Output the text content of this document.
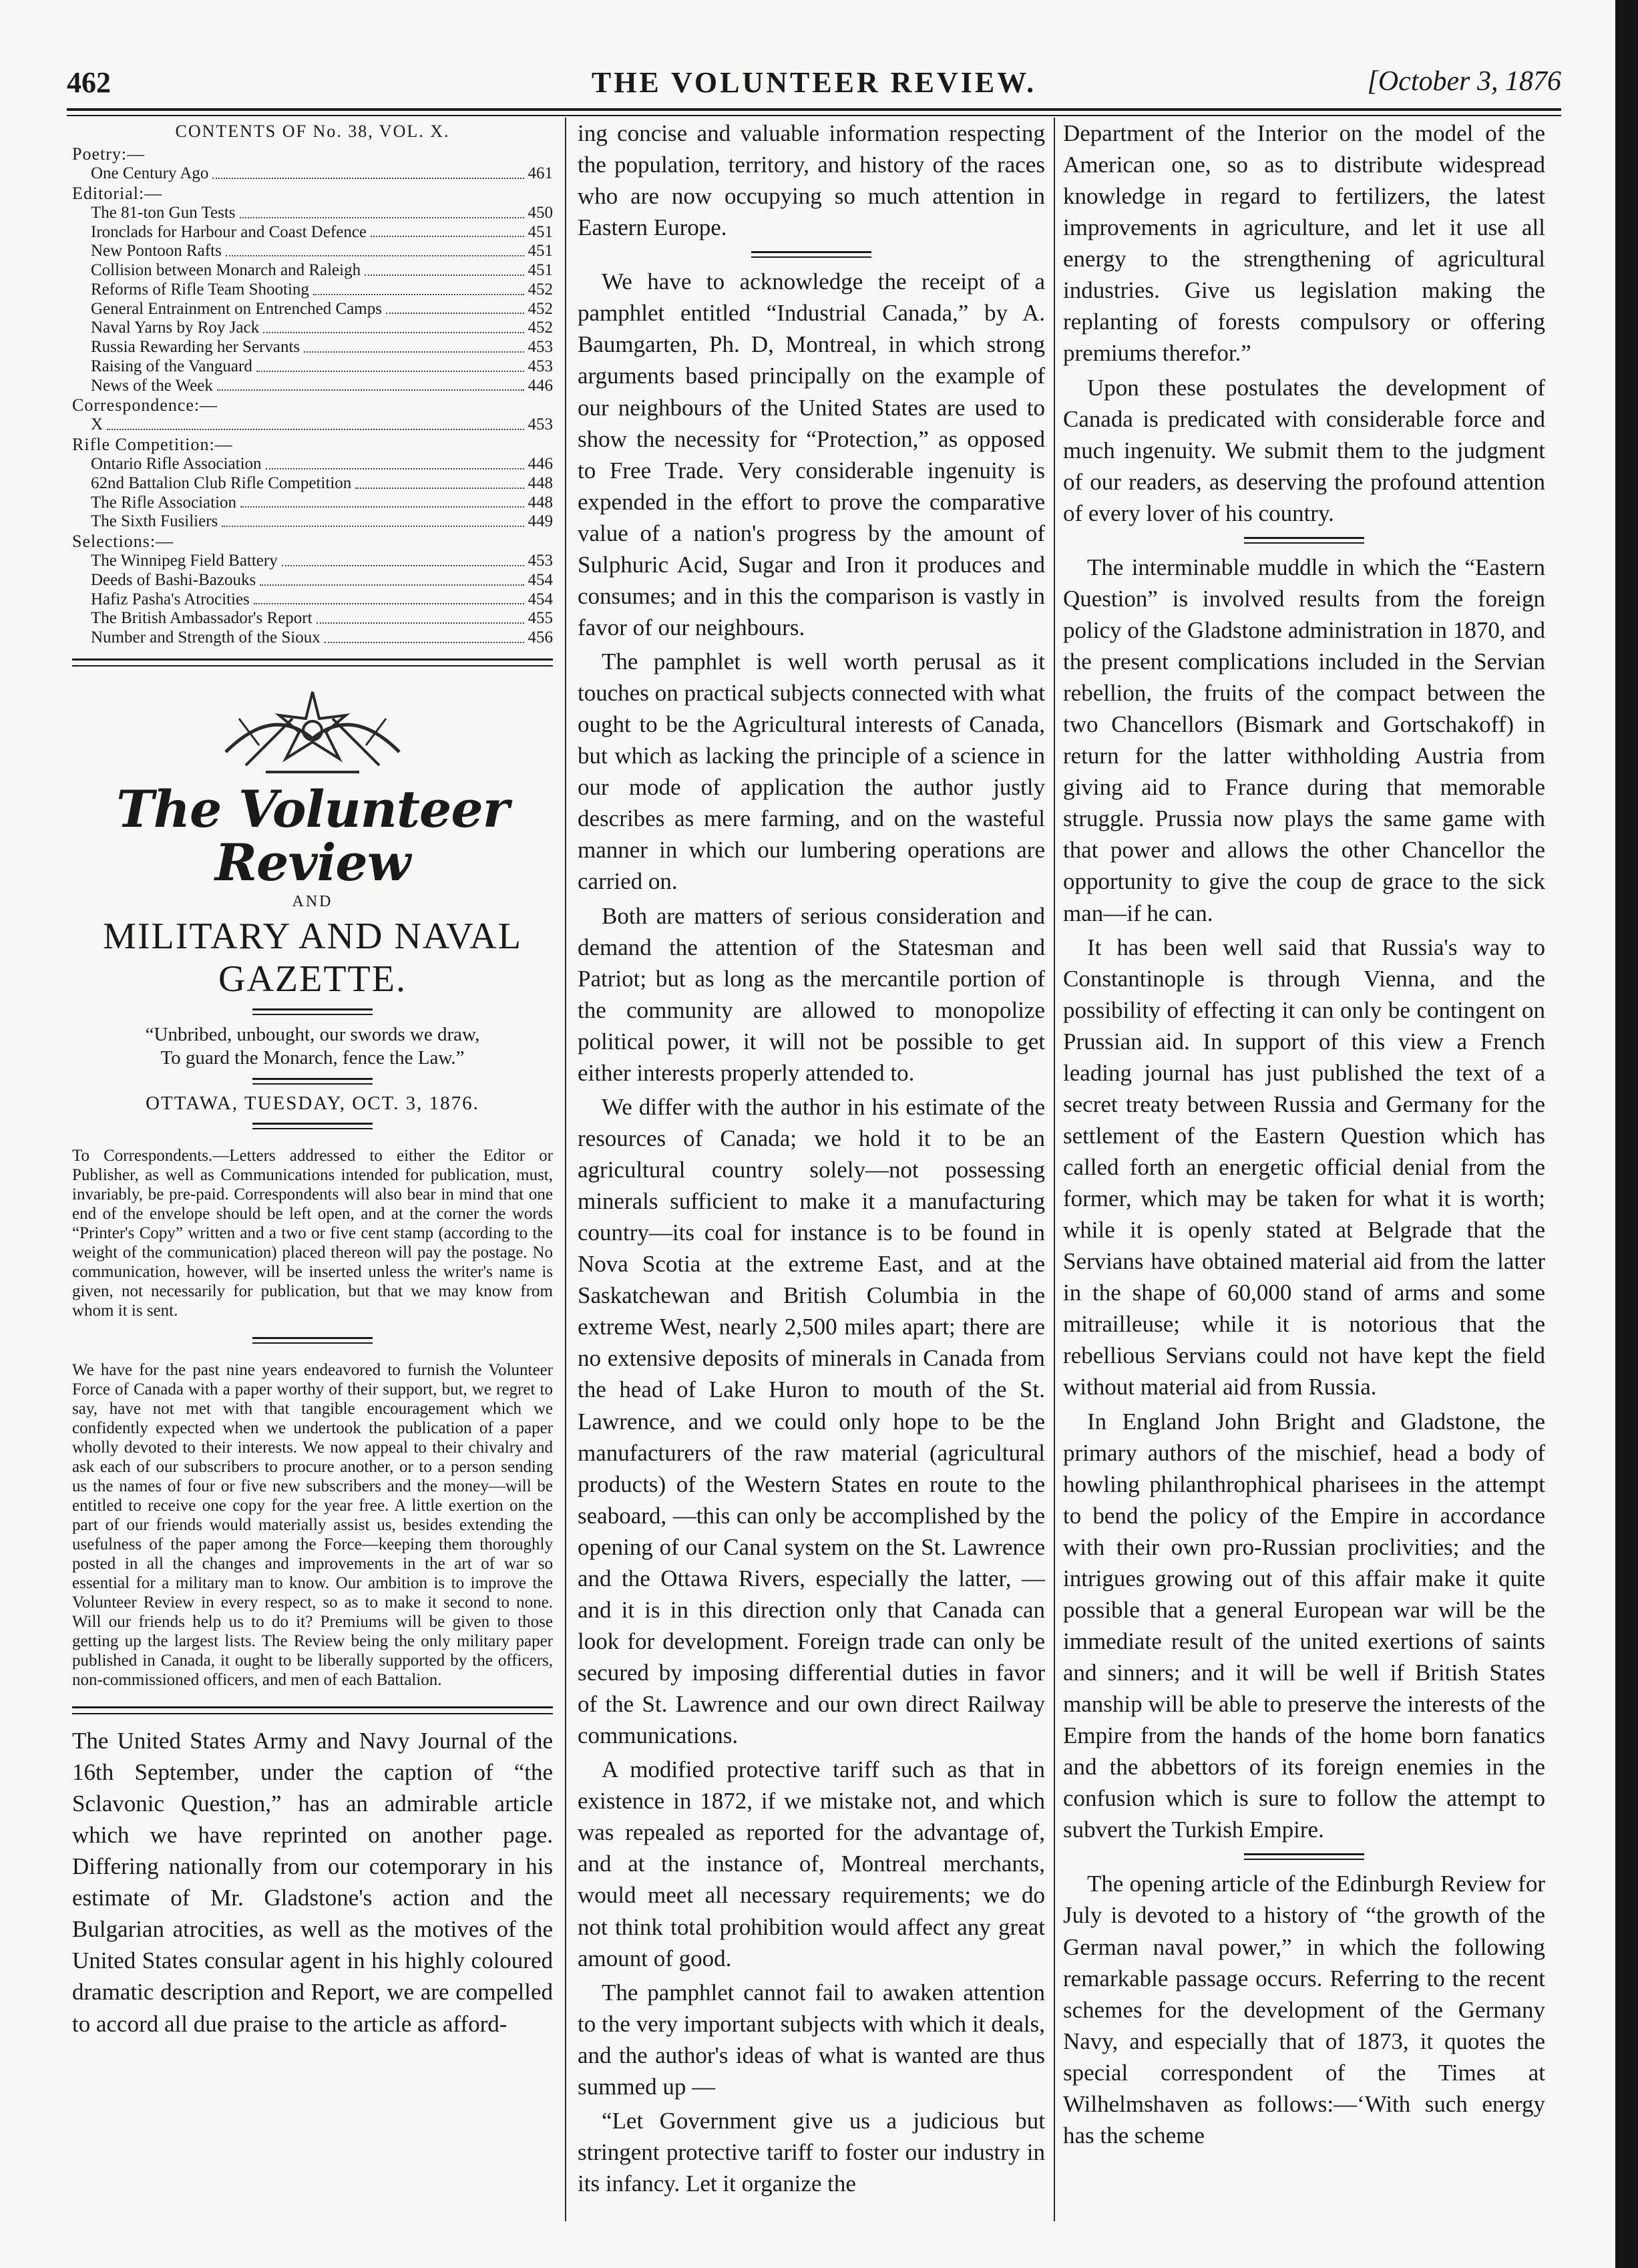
462	THE VOLUNTEER REVIEW.	[October 3, 1876
CONTENTS OF No. 38, VOL. X.
Poetry:—
One Century Ago	461
Editorial:—
The 81-ton Gun Tests	450
Ironclads for Harbour and Coast Defence	451
New Pontoon Rafts	451
Collision between Monarch and Raleigh	451
Reforms of Rifle Team Shooting	452
General Entrainment on Entrenched Camps	452
Naval Yarns by Roy Jack	452
Russia Rewarding her Servants	453
Raising of the Vanguard	453
News of the Week	446
Correspondence:—
X	453
Rifle Competition:—
Ontario Rifle Association	446
62nd Battalion Club Rifle Competition	448
The Rifle Association	448
The Sixth Fusiliers	449
Selections:—
The Winnipeg Field Battery	453
Deeds of Bashi-Bazouks	454
Hafiz Pasha's Atrocities	454
The British Ambassador's Report	455
Number and Strength of the Sioux	456
The Volunteer Review
AND
MILITARY AND NAVAL GAZETTE.
“Unbribed, unbought, our swords we draw,
To guard the Monarch, fence the Law.”
OTTAWA, TUESDAY, OCT. 3, 1876.

To Correspondents.—Letters addressed to either the Editor or Publisher, as well as Communications intended for publication, must, invariably, be pre-paid. Correspondents will also bear in mind that one end of the envelope should be left open, and at the corner the words “Printer's Copy” written and a two or five cent stamp (according to the weight of the communication) placed thereon will pay the postage. No communication, however, will be inserted unless the writer's name is given, not necessarily for publication, but that we may know from whom it is sent.

We have for the past nine years endeavored to furnish the Volunteer Force of Canada with a paper worthy of their support, but, we regret to say, have not met with that tangible encouragement which we confidently expected when we undertook the publication of a paper wholly devoted to their interests. We now appeal to their chivalry and ask each of our subscribers to procure another, or to a person sending us the names of four or five new subscribers and the money—will be entitled to receive one copy for the year free. A little exertion on the part of our friends would materially assist us, besides extending the usefulness of the paper among the Force—keeping them thoroughly posted in all the changes and improvements in the art of war so essential for a military man to know. Our ambition is to improve the Volunteer Review in every respect, so as to make it second to none. Will our friends help us to do it? Premiums will be given to those getting up the largest lists. The Review being the only military paper published in Canada, it ought to be liberally supported by the officers, non-commissioned officers, and men of each Battalion.

The United States Army and Navy Journal of the 16th September, under the caption of “the Sclavonic Question,” has an admirable article which we have reprinted on another page. Differing nationally from our cotemporary in his estimate of Mr. Gladstone's action and the Bulgarian atrocities, as well as the motives of the United States consular agent in his highly coloured dramatic description and Report, we are compelled to accord all due praise to the article as afford-

ing concise and valuable information respecting the population, territory, and history of the races who are now occupying so much attention in Eastern Europe.

We have to acknowledge the receipt of a pamphlet entitled “Industrial Canada,” by A. Baumgarten, Ph. D, Montreal, in which strong arguments based principally on the example of our neighbours of the United States are used to show the necessity for “Protection,” as opposed to Free Trade. Very considerable ingenuity is expended in the effort to prove the comparative value of a nation's progress by the amount of Sulphuric Acid, Sugar and Iron it produces and consumes; and in this the comparison is vastly in favor of our neighbours.

The pamphlet is well worth perusal as it touches on practical subjects connected with what ought to be the Agricultural interests of Canada, but which as lacking the principle of a science in our mode of application the author justly describes as mere farming, and on the wasteful manner in which our lumbering operations are carried on.

Both are matters of serious consideration and demand the attention of the Statesman and Patriot; but as long as the mercantile portion of the community are allowed to monopolize political power, it will not be possible to get either interests properly attended to.

We differ with the author in his estimate of the resources of Canada; we hold it to be an agricultural country solely—not possessing minerals sufficient to make it a manufacturing country—its coal for instance is to be found in Nova Scotia at the extreme East, and at the Saskatchewan and British Columbia in the extreme West, nearly 2,500 miles apart; there are no extensive deposits of minerals in Canada from the head of Lake Huron to mouth of the St. Lawrence, and we could only hope to be the manufacturers of the raw material (agricultural products) of the Western States en route to the seaboard, —this can only be accomplished by the opening of our Canal system on the St. Lawrence and the Ottawa Rivers, especially the latter, —and it is in this direction only that Canada can look for development. Foreign trade can only be secured by imposing differential duties in favor of the St. Lawrence and our own direct Railway communications.

A modified protective tariff such as that in existence in 1872, if we mistake not, and which was repealed as reported for the advantage of, and at the instance of, Montreal merchants, would meet all necessary requirements; we do not think total prohibition would affect any great amount of good.

The pamphlet cannot fail to awaken attention to the very important subjects with which it deals, and the author's ideas of what is wanted are thus summed up —

“Let Government give us a judicious but stringent protective tariff to foster our industry in its infancy. Let it organize the

Department of the Interior on the model of the American one, so as to distribute widespread knowledge in regard to fertilizers, the latest improvements in agriculture, and let it use all energy to the strengthening of agricultural industries. Give us legislation making the replanting of forests compulsory or offering premiums therefor.”

Upon these postulates the development of Canada is predicated with considerable force and much ingenuity. We submit them to the judgment of our readers, as deserving the profound attention of every lover of his country.

The interminable muddle in which the “Eastern Question” is involved results from the foreign policy of the Gladstone administration in 1870, and the present complications included in the Servian rebellion, the fruits of the compact between the two Chancellors (Bismark and Gortschakoff) in return for the latter withholding Austria from giving aid to France during that memorable struggle. Prussia now plays the same game with that power and allows the other Chancellor the opportunity to give the coup de grace to the sick man—if he can.

It has been well said that Russia's way to Constantinople is through Vienna, and the possibility of effecting it can only be contingent on Prussian aid. In support of this view a French leading journal has just published the text of a secret treaty between Russia and Germany for the settlement of the Eastern Question which has called forth an energetic official denial from the former, which may be taken for what it is worth; while it is openly stated at Belgrade that the Servians have obtained material aid from the latter in the shape of 60,000 stand of arms and some mitrailleuse; while it is notorious that the rebellious Servians could not have kept the field without material aid from Russia.

In England John Bright and Gladstone, the primary authors of the mischief, head a body of howling philanthrophical pharisees in the attempt to bend the policy of the Empire in accordance with their own pro-Russian proclivities; and the intrigues growing out of this affair make it quite possible that a general European war will be the immediate result of the united exertions of saints and sinners; and it will be well if British States manship will be able to preserve the interests of the Empire from the hands of the home born fanatics and the abbettors of its foreign enemies in the confusion which is sure to follow the attempt to subvert the Turkish Empire.

The opening article of the Edinburgh Review for July is devoted to a history of “the growth of the German naval power,” in which the following remarkable passage occurs. Referring to the recent schemes for the development of the Germany Navy, and especially that of 1873, it quotes the special correspondent of the Times at Wilhelmshaven as follows:—‘With such energy has the scheme
